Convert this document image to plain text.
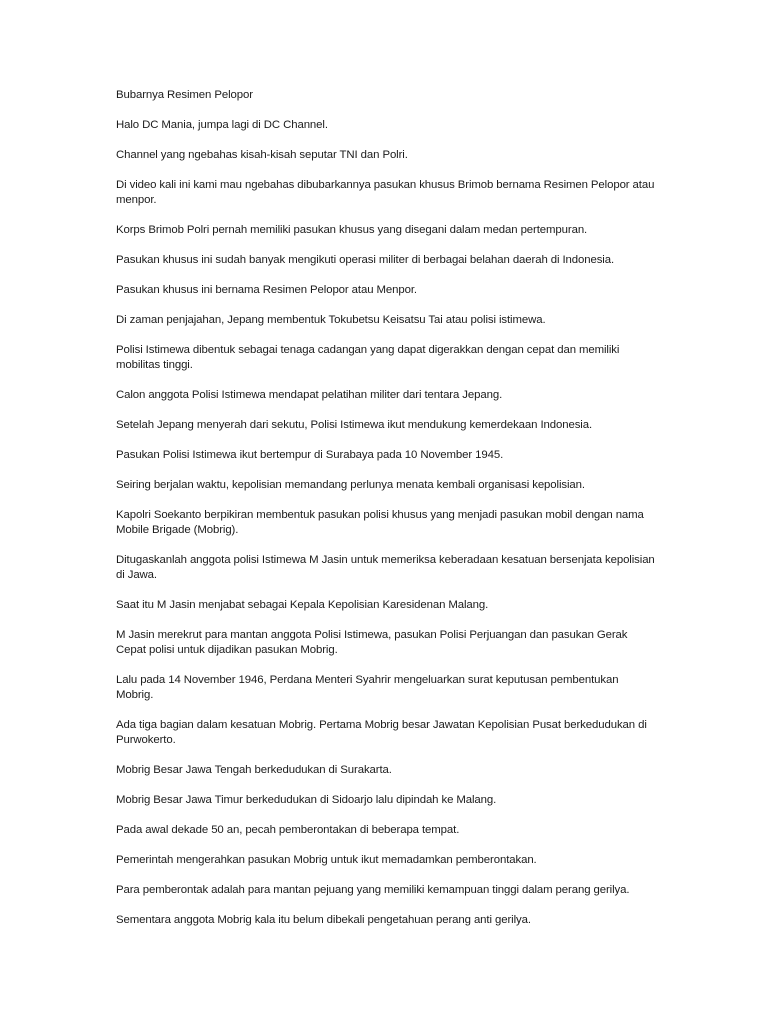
Bubarnya Resimen Pelopor

Halo DC Mania, jumpa lagi di DC Channel.

Channel yang ngebahas kisah-kisah seputar TNI dan Polri.

Di video kali ini kami mau ngebahas dibubarkannya pasukan khusus Brimob bernama Resimen Pelopor atau menpor.

Korps Brimob Polri pernah memiliki pasukan khusus yang disegani dalam medan pertempuran.

Pasukan khusus ini sudah banyak mengikuti operasi militer di berbagai belahan daerah di Indonesia.

Pasukan khusus ini bernama Resimen Pelopor atau Menpor.

Di zaman penjajahan, Jepang membentuk Tokubetsu Keisatsu Tai atau polisi istimewa.

Polisi Istimewa dibentuk sebagai tenaga cadangan yang dapat digerakkan dengan cepat dan memiliki mobilitas tinggi.

Calon anggota Polisi Istimewa mendapat pelatihan militer dari tentara Jepang.

Setelah Jepang menyerah dari sekutu, Polisi Istimewa ikut mendukung kemerdekaan Indonesia.

Pasukan Polisi Istimewa ikut bertempur di Surabaya pada 10 November 1945.

Seiring berjalan waktu, kepolisian memandang perlunya menata kembali organisasi kepolisian.

Kapolri Soekanto berpikiran membentuk pasukan polisi khusus yang menjadi pasukan mobil dengan nama Mobile Brigade (Mobrig).

Ditugaskanlah anggota polisi Istimewa M Jasin untuk memeriksa keberadaan kesatuan bersenjata kepolisian di Jawa.

Saat itu M Jasin menjabat sebagai Kepala Kepolisian Karesidenan Malang.

M Jasin merekrut para mantan anggota Polisi Istimewa, pasukan Polisi Perjuangan dan pasukan Gerak Cepat polisi untuk dijadikan pasukan Mobrig.

Lalu pada 14 November 1946, Perdana Menteri Syahrir mengeluarkan surat keputusan pembentukan Mobrig.

Ada tiga bagian dalam kesatuan Mobrig. Pertama Mobrig besar Jawatan Kepolisian Pusat berkedudukan di Purwokerto.

Mobrig Besar Jawa Tengah berkedudukan di Surakarta.

Mobrig Besar Jawa Timur berkedudukan di Sidoarjo lalu dipindah ke Malang.

Pada awal dekade 50 an, pecah pemberontakan di beberapa tempat.

Pemerintah mengerahkan pasukan Mobrig untuk ikut memadamkan pemberontakan.

Para pemberontak adalah para mantan pejuang yang memiliki kemampuan tinggi dalam perang gerilya.

Sementara anggota Mobrig kala itu belum dibekali pengetahuan perang anti gerilya.
